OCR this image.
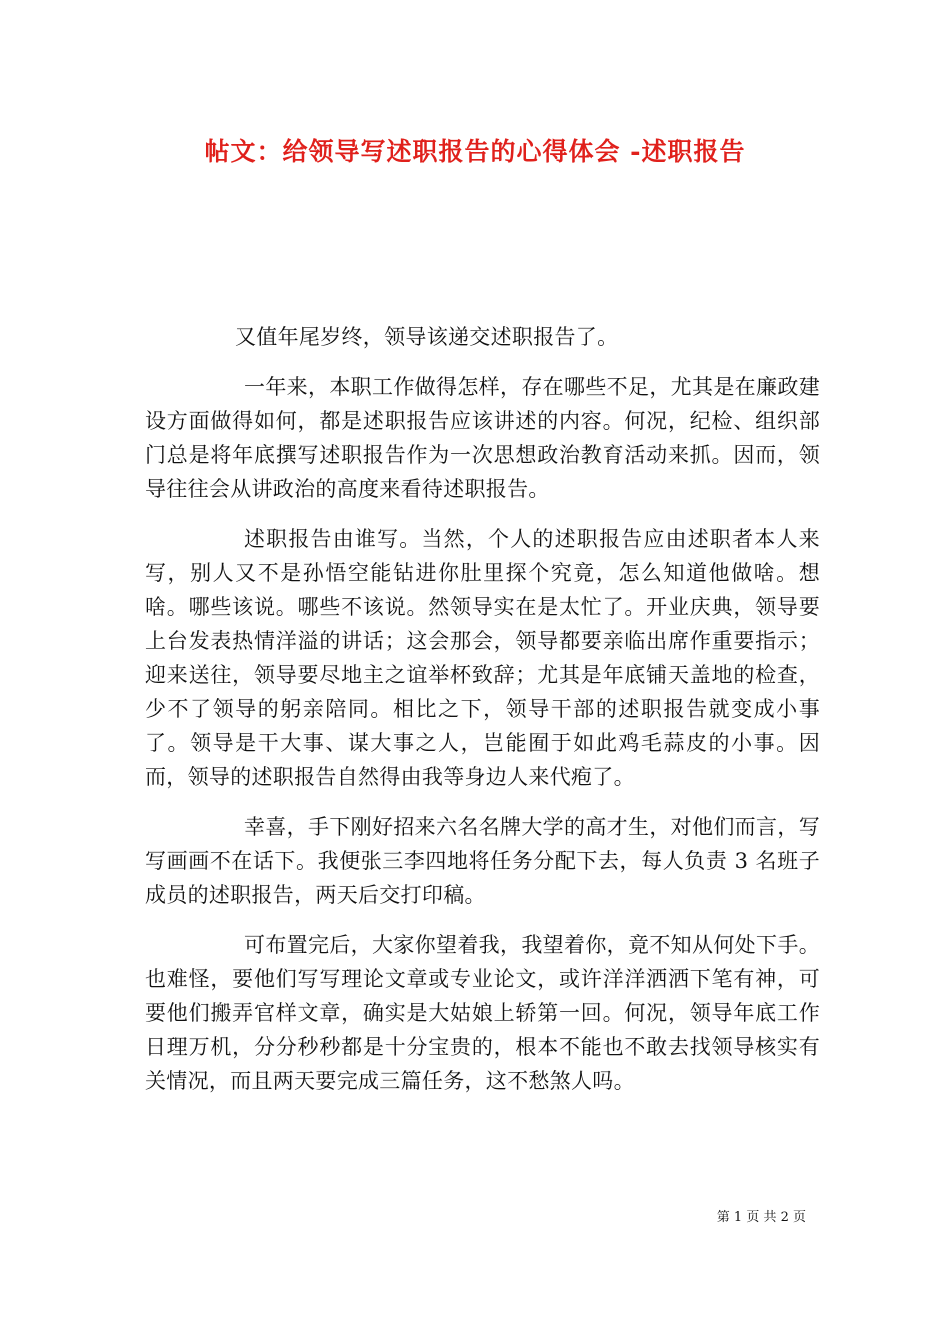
帖文：给领导写述职报告的心得体会 -述职报告

又值年尾岁终，领导该递交述职报告了。

一年来，本职工作做得怎样，存在哪些不足，尤其是在廉政建设方面做得如何，都是述职报告应该讲述的内容。何况，纪检、组织部门总是将年底撰写述职报告作为一次思想政治教育活动来抓。因而，领导往往会从讲政治的高度来看待述职报告。

述职报告由谁写。当然，个人的述职报告应由述职者本人来写，别人又不是孙悟空能钻进你肚里探个究竟，怎么知道他做啥。想啥。哪些该说。哪些不该说。然领导实在是太忙了。开业庆典，领导要上台发表热情洋溢的讲话；这会那会，领导都要亲临出席作重要指示；迎来送往，领导要尽地主之谊举杯致辞；尤其是年底铺天盖地的检查，少不了领导的躬亲陪同。相比之下，领导干部的述职报告就变成小事了。领导是干大事、谋大事之人，岂能囿于如此鸡毛蒜皮的小事。因而，领导的述职报告自然得由我等身边人来代疱了。

幸喜，手下刚好招来六名名牌大学的高才生，对他们而言，写写画画不在话下。我便张三李四地将任务分配下去，每人负责 3 名班子成员的述职报告，两天后交打印稿。

可布置完后，大家你望着我，我望着你，竟不知从何处下手。也难怪，要他们写写理论文章或专业论文，或许洋洋洒洒下笔有神，可要他们搬弄官样文章，确实是大姑娘上轿第一回。何况，领导年底工作日理万机，分分秒秒都是十分宝贵的，根本不能也不敢去找领导核实有关情况，而且两天要完成三篇任务，这不愁煞人吗。

第 1 页 共 2 页
